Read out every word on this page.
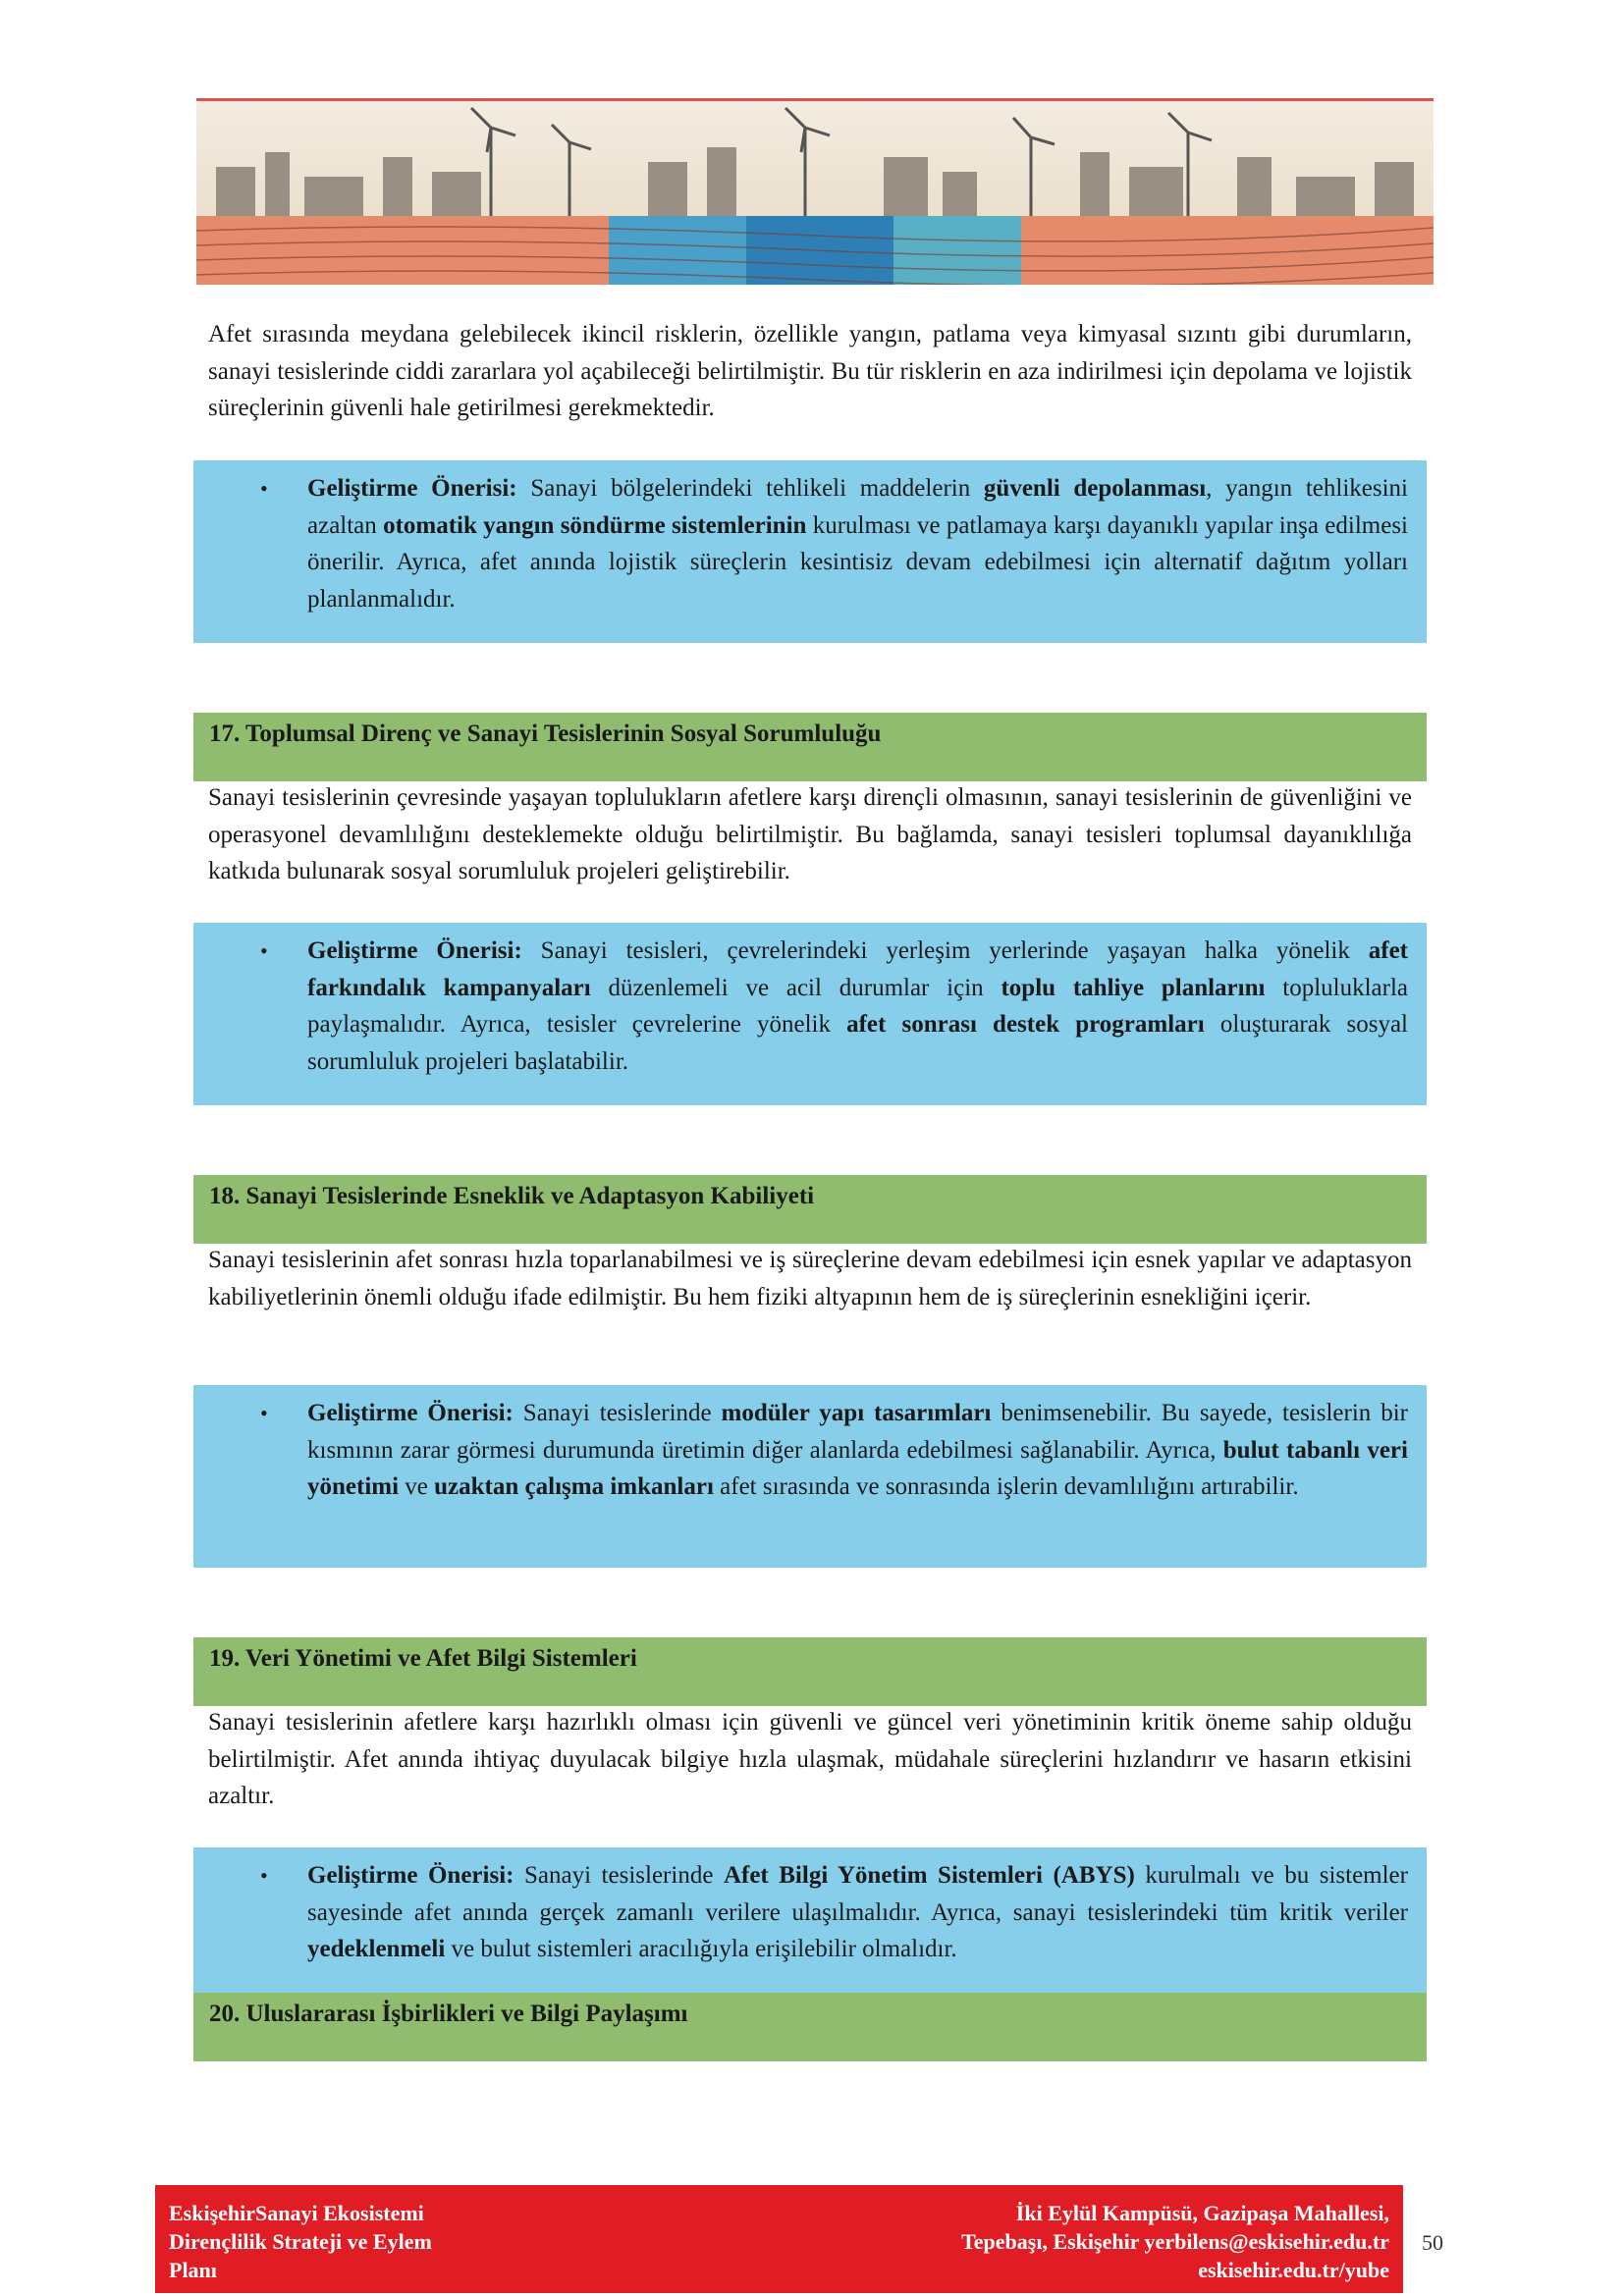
Afet sırasında meydana gelebilecek ikincil risklerin, özellikle yangın, patlama veya kimyasal sızıntı gibi durumların, sanayi tesislerinde ciddi zararlara yol açabileceği belirtilmiştir. Bu tür risklerin en aza indirilmesi için depolama ve lojistik süreçlerinin güvenli hale getirilmesi gerekmektedir.

• Geliştirme Önerisi: Sanayi bölgelerindeki tehlikeli maddelerin güvenli depolanması, yangın tehlikesini azaltan otomatik yangın söndürme sistemlerinin kurulması ve patlamaya karşı dayanıklı yapılar inşa edilmesi önerilir. Ayrıca, afet anında lojistik süreçlerin kesintisiz devam edebilmesi için alternatif dağıtım yolları planlanmalıdır.

17. Toplumsal Direnç ve Sanayi Tesislerinin Sosyal Sorumluluğu

Sanayi tesislerinin çevresinde yaşayan toplulukların afetlere karşı dirençli olmasının, sanayi tesislerinin de güvenliğini ve operasyonel devamlılığını desteklemekte olduğu belirtilmiştir. Bu bağlamda, sanayi tesisleri toplumsal dayanıklılığa katkıda bulunarak sosyal sorumluluk projeleri geliştirebilir.

• Geliştirme Önerisi: Sanayi tesisleri, çevrelerindeki yerleşim yerlerinde yaşayan halka yönelik afet farkındalık kampanyaları düzenlemeli ve acil durumlar için toplu tahliye planlarını topluluklarla paylaşmalıdır. Ayrıca, tesisler çevrelerine yönelik afet sonrası destek programları oluşturarak sosyal sorumluluk projeleri başlatabilir.

18. Sanayi Tesislerinde Esneklik ve Adaptasyon Kabiliyeti

Sanayi tesislerinin afet sonrası hızla toparlanabilmesi ve iş süreçlerine devam edebilmesi için esnek yapılar ve adaptasyon kabiliyetlerinin önemli olduğu ifade edilmiştir. Bu hem fiziki altyapının hem de iş süreçlerinin esnekliğini içerir.

• Geliştirme Önerisi: Sanayi tesislerinde modüler yapı tasarımları benimsenebilir. Bu sayede, tesislerin bir kısmının zarar görmesi durumunda üretimin diğer alanlarda edebilmesi sağlanabilir. Ayrıca, bulut tabanlı veri yönetimi ve uzaktan çalışma imkanları afet sırasında ve sonrasında işlerin devamlılığını artırabilir.

19. Veri Yönetimi ve Afet Bilgi Sistemleri

Sanayi tesislerinin afetlere karşı hazırlıklı olması için güvenli ve güncel veri yönetiminin kritik öneme sahip olduğu belirtilmiştir. Afet anında ihtiyaç duyulacak bilgiye hızla ulaşmak, müdahale süreçlerini hızlandırır ve hasarın etkisini azaltır.

• Geliştirme Önerisi: Sanayi tesislerinde Afet Bilgi Yönetim Sistemleri (ABYS) kurulmalı ve bu sistemler sayesinde afet anında gerçek zamanlı verilere ulaşılmalıdır. Ayrıca, sanayi tesislerindeki tüm kritik veriler yedeklenmeli ve bulut sistemleri aracılığıyla erişilebilir olmalıdır.

20. Uluslararası İşbirlikleri ve Bilgi Paylaşımı
EskişehirSanayi Ekosistemi
Dirençlilik Strateji ve Eylem
Planı
İki Eylül Kampüsü, Gazipaşa Mahallesi,
Tepebaşı, Eskişehir yerbilens@eskisehir.edu.tr
eskisehir.edu.tr/yube
50
